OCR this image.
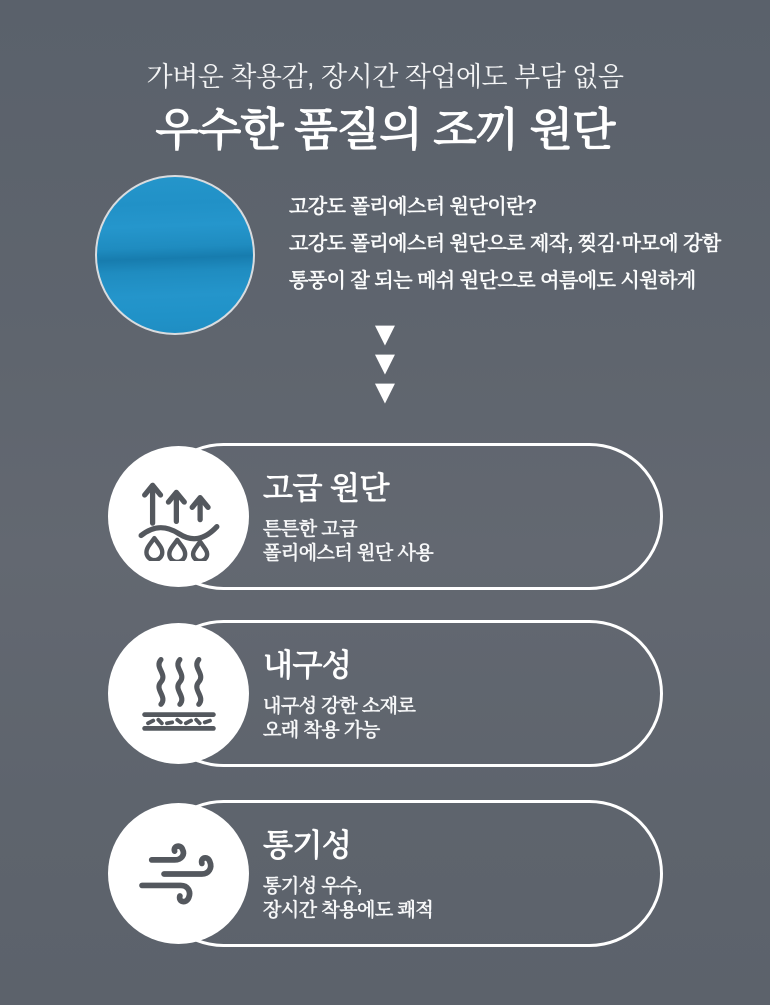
가벼운 착용감, 장시간 작업에도 부담 없음
우수한 품질의 조끼 원단

고강도 폴리에스터 원단이란?

고강도 폴리에스터 원단으로 제작, 찢김·마모에 강함

통풍이 잘 되는 메쉬 원단으로 여름에도 시원하게

▼
▼
▼
고급 원단

튼튼한 고급

폴리에스터 원단 사용

내구성

내구성 강한 소재로

오래 착용 가능

통기성

통기성 우수,

장시간 착용에도 쾌적
